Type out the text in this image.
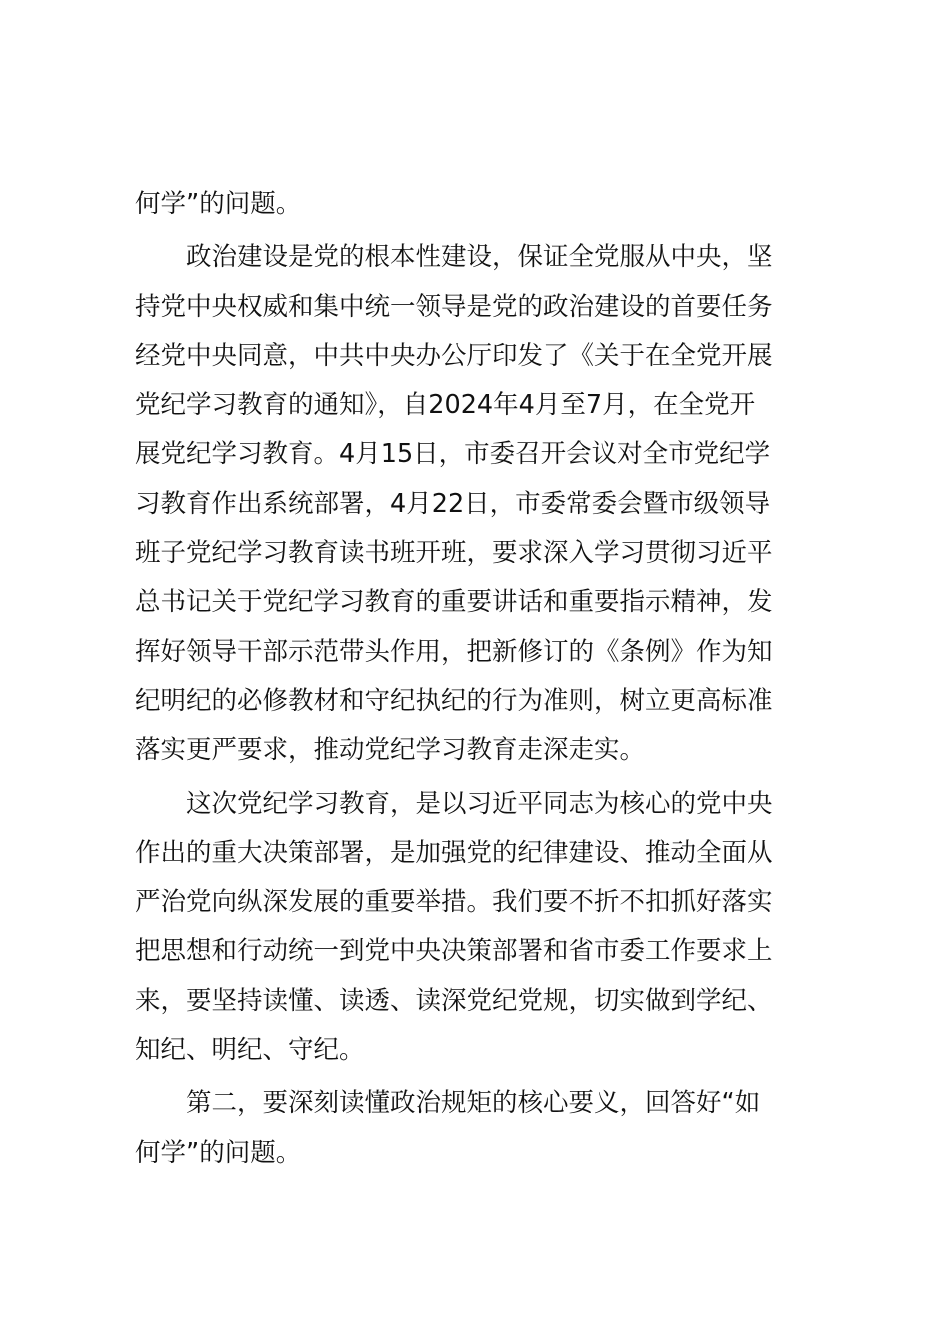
何学”的问题。
政治建设是党的根本性建设，保证全党服从中央，坚
持党中央权威和集中统一领导是党的政治建设的首要任务
经党中央同意，中共中央办公厅印发了《关于在全党开展
党纪学习教育的通知》，自2024年4月至7月，在全党开
展党纪学习教育。4月15日，市委召开会议对全市党纪学
习教育作出系统部署，4月22日，市委常委会暨市级领导
班子党纪学习教育读书班开班，要求深入学习贯彻习近平
总书记关于党纪学习教育的重要讲话和重要指示精神，发
挥好领导干部示范带头作用，把新修订的《条例》作为知
纪明纪的必修教材和守纪执纪的行为准则，树立更高标准
落实更严要求，推动党纪学习教育走深走实。
这次党纪学习教育，是以习近平同志为核心的党中央
作出的重大决策部署，是加强党的纪律建设、推动全面从
严治党向纵深发展的重要举措。我们要不折不扣抓好落实
把思想和行动统一到党中央决策部署和省市委工作要求上
来，要坚持读懂、读透、读深党纪党规，切实做到学纪、
知纪、明纪、守纪。
第二，要深刻读懂政治规矩的核心要义，回答好“如
何学”的问题。
